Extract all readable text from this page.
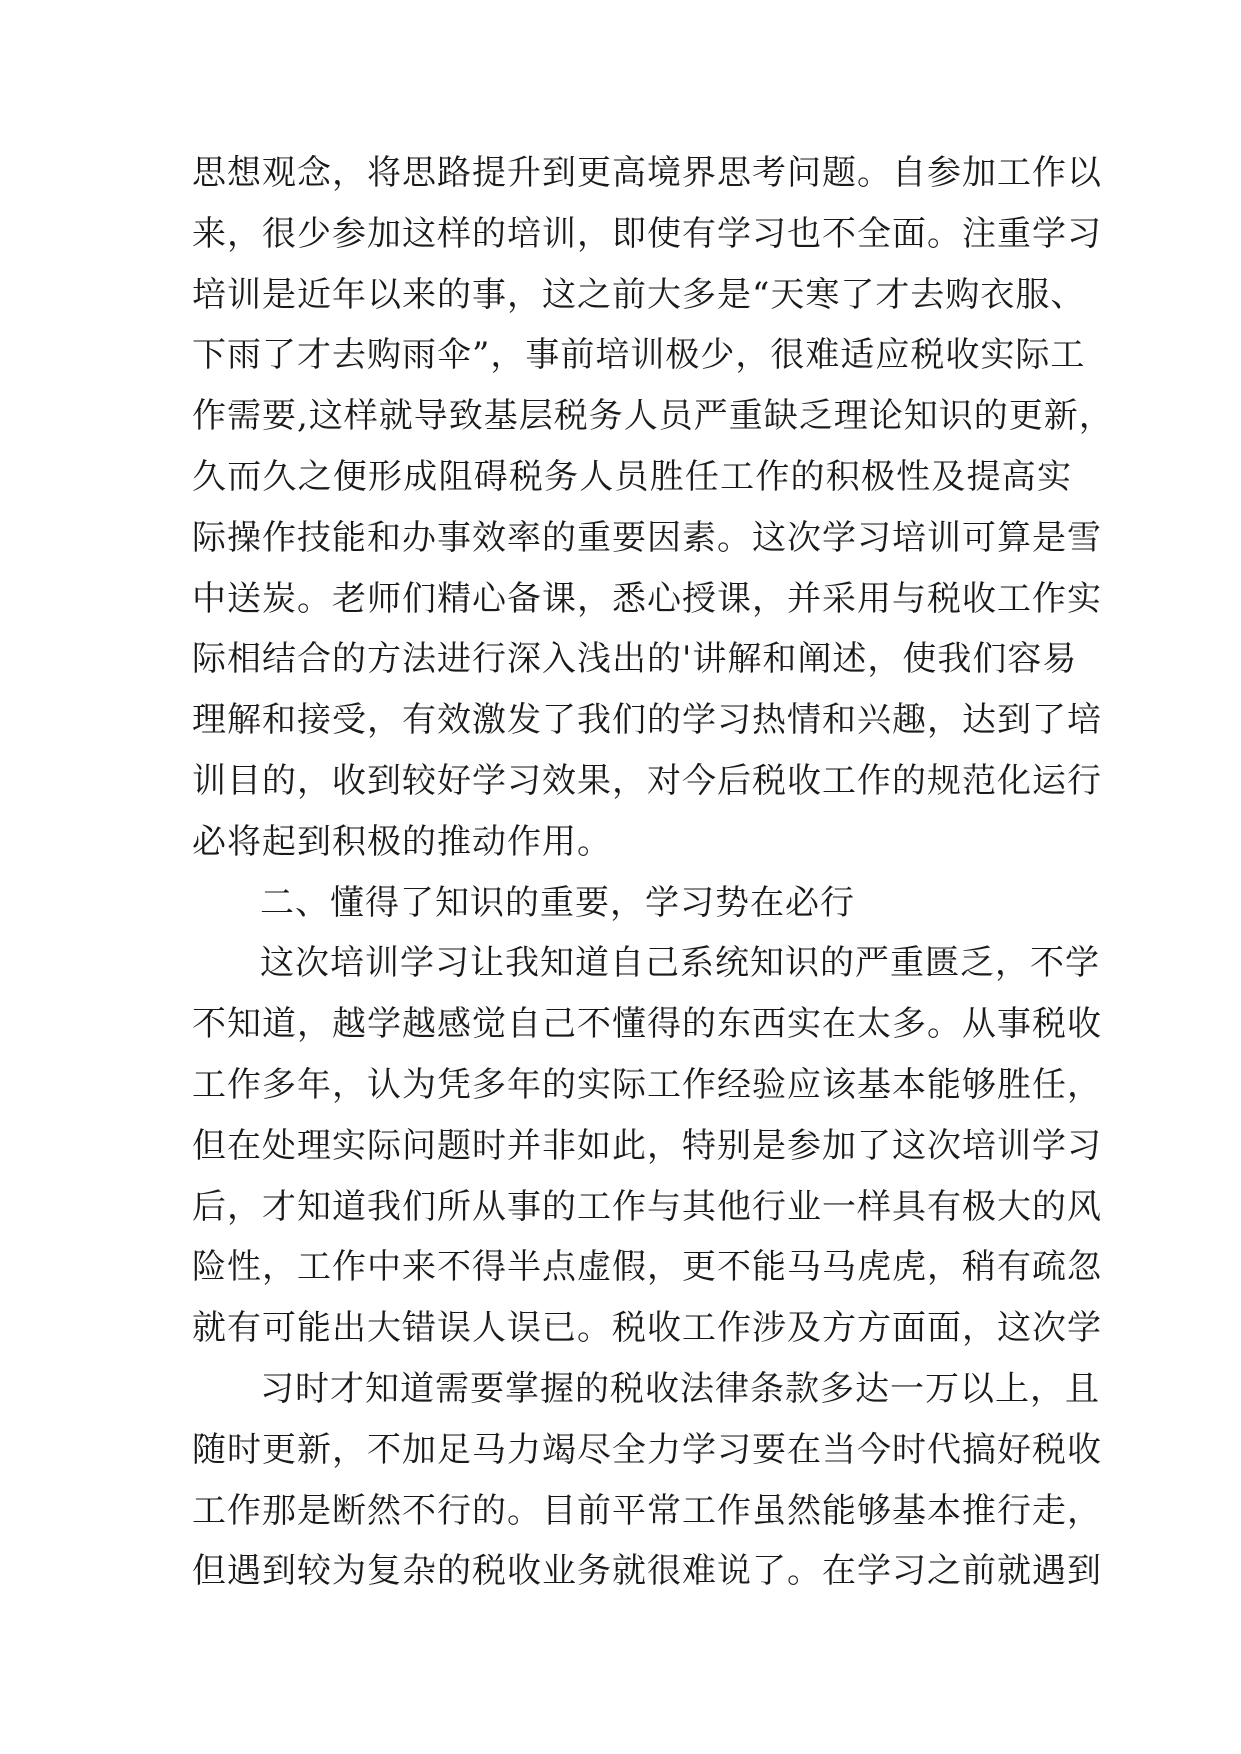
思想观念，将思路提升到更高境界思考问题。自参加工作以
来，很少参加这样的培训，即使有学习也不全面。注重学习
培训是近年以来的事，这之前大多是“天寒了才去购衣服、
下雨了才去购雨伞”，事前培训极少，很难适应税收实际工
作需要,这样就导致基层税务人员严重缺乏理论知识的更新，
久而久之便形成阻碍税务人员胜任工作的积极性及提高实
际操作技能和办事效率的重要因素。这次学习培训可算是雪
中送炭。老师们精心备课，悉心授课，并采用与税收工作实
际相结合的方法进行深入浅出的'讲解和阐述，使我们容易
理解和接受，有效激发了我们的学习热情和兴趣，达到了培
训目的，收到较好学习效果，对今后税收工作的规范化运行
必将起到积极的推动作用。
二、懂得了知识的重要，学习势在必行
这次培训学习让我知道自己系统知识的严重匮乏，不学
不知道，越学越感觉自己不懂得的东西实在太多。从事税收
工作多年，认为凭多年的实际工作经验应该基本能够胜任，
但在处理实际问题时并非如此，特别是参加了这次培训学习
后，才知道我们所从事的工作与其他行业一样具有极大的风
险性，工作中来不得半点虚假，更不能马马虎虎，稍有疏忽
就有可能出大错误人误已。税收工作涉及方方面面，这次学
习时才知道需要掌握的税收法律条款多达一万以上，且
随时更新，不加足马力竭尽全力学习要在当今时代搞好税收
工作那是断然不行的。目前平常工作虽然能够基本推行走，
但遇到较为复杂的税收业务就很难说了。在学习之前就遇到
